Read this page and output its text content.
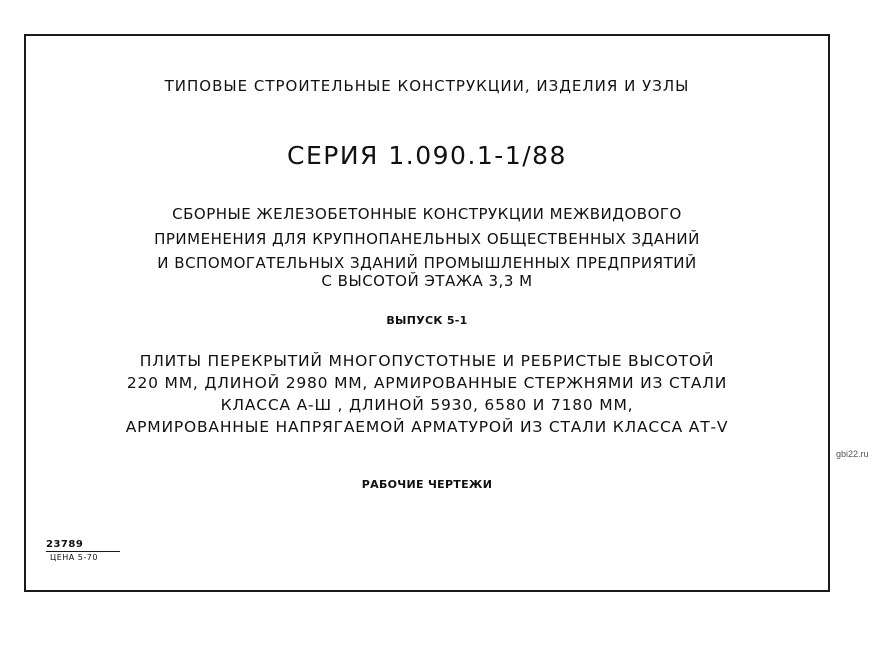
ТИПОВЫЕ СТРОИТЕЛЬНЫЕ КОНСТРУКЦИИ, ИЗДЕЛИЯ И УЗЛЫ
СЕРИЯ 1.090.1-1/88
СБОРНЫЕ ЖЕЛЕЗОБЕТОННЫЕ КОНСТРУКЦИИ МЕЖВИДОВОГО
ПРИМЕНЕНИЯ ДЛЯ КРУПНОПАНЕЛЬНЫХ ОБЩЕСТВЕННЫХ ЗДАНИЙ
И ВСПОМОГАТЕЛЬНЫХ ЗДАНИЙ ПРОМЫШЛЕННЫХ ПРЕДПРИЯТИЙ
С ВЫСОТОЙ ЭТАЖА 3,3 М
ВЫПУСК 5-1
ПЛИТЫ ПЕРЕКРЫТИЙ МНОГОПУСТОТНЫЕ И РЕБРИСТЫЕ ВЫСОТОЙ
220 ММ, ДЛИНОЙ 2980 ММ, АРМИРОВАННЫЕ СТЕРЖНЯМИ ИЗ СТАЛИ
КЛАССА А-Ш , ДЛИНОЙ 5930, 6580 И 7180 ММ,
АРМИРОВАННЫЕ НАПРЯГАЕМОЙ АРМАТУРОЙ ИЗ СТАЛИ КЛАССА АТ-Ⅴ
РАБОЧИЕ ЧЕРТЕЖИ
23789
ЦЕНА 5-70
gbi22.ru
